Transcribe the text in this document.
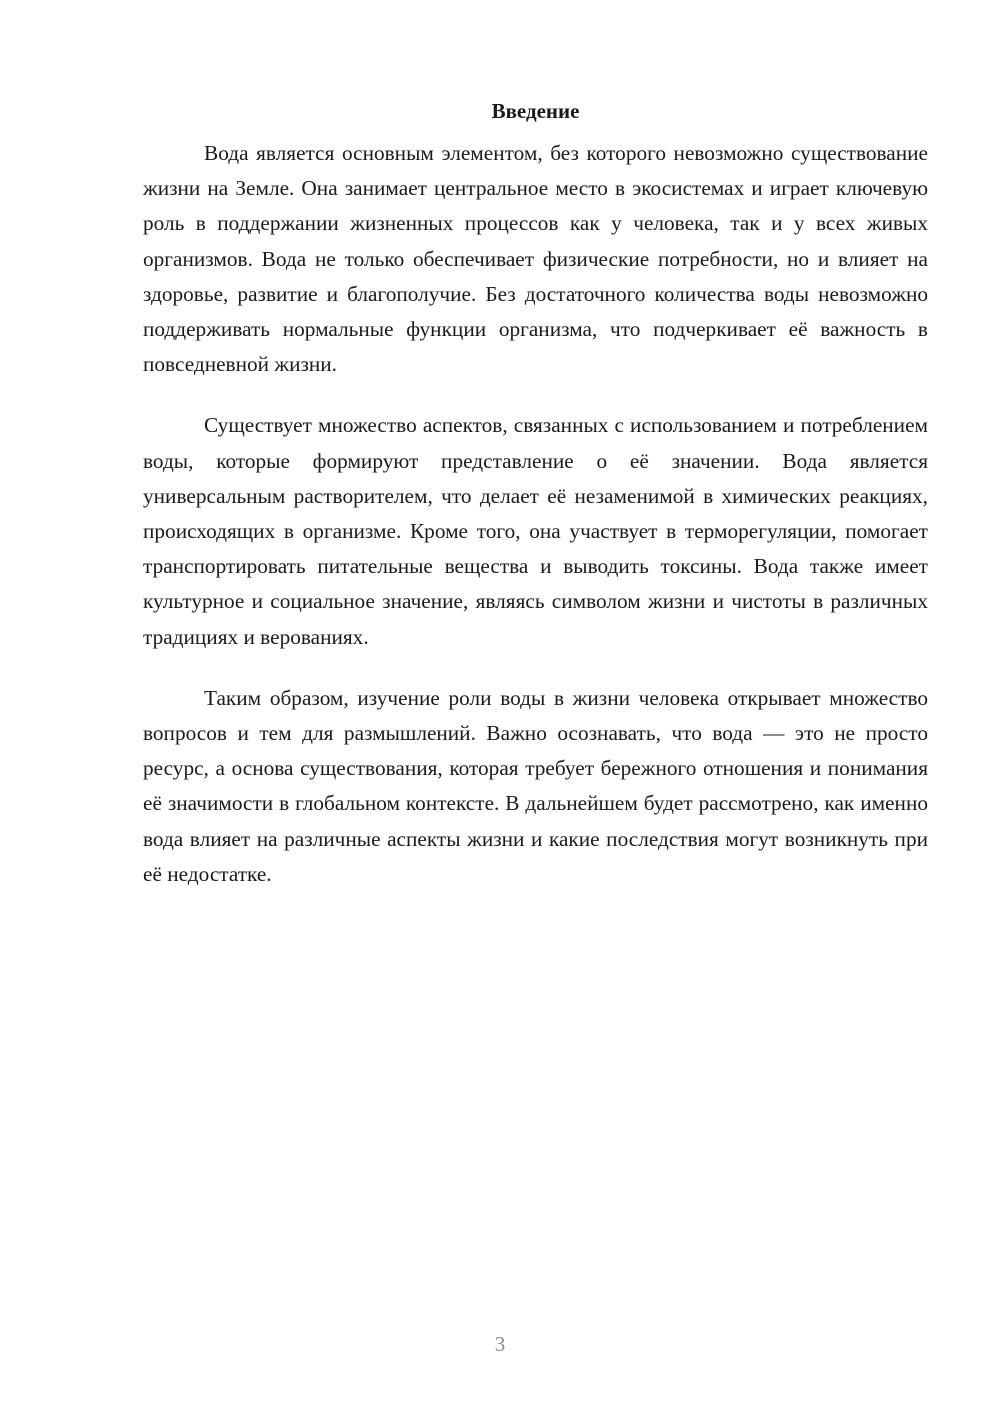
Введение

Вода является основным элементом, без которого невозможно существование жизни на Земле. Она занимает центральное место в экосистемах и играет ключевую роль в поддержании жизненных процессов как у человека, так и у всех живых организмов. Вода не только обеспечивает физические потребности, но и влияет на здоровье, развитие и благополучие. Без достаточного количества воды невозможно поддерживать нормальные функции организма, что подчеркивает её важность в повседневной жизни.

Существует множество аспектов, связанных с использованием и потреблением воды, которые формируют представление о её значении. Вода является универсальным растворителем, что делает её незаменимой в химических реакциях, происходящих в организме. Кроме того, она участвует в терморегуляции, помогает транспортировать питательные вещества и выводить токсины. Вода также имеет культурное и социальное значение, являясь символом жизни и чистоты в различных традициях и верованиях.

Таким образом, изучение роли воды в жизни человека открывает множество вопросов и тем для размышлений. Важно осознавать, что вода — это не просто ресурс, а основа существования, которая требует бережного отношения и понимания её значимости в глобальном контексте. В дальнейшем будет рассмотрено, как именно вода влияет на различные аспекты жизни и какие последствия могут возникнуть при её недостатке.

3
